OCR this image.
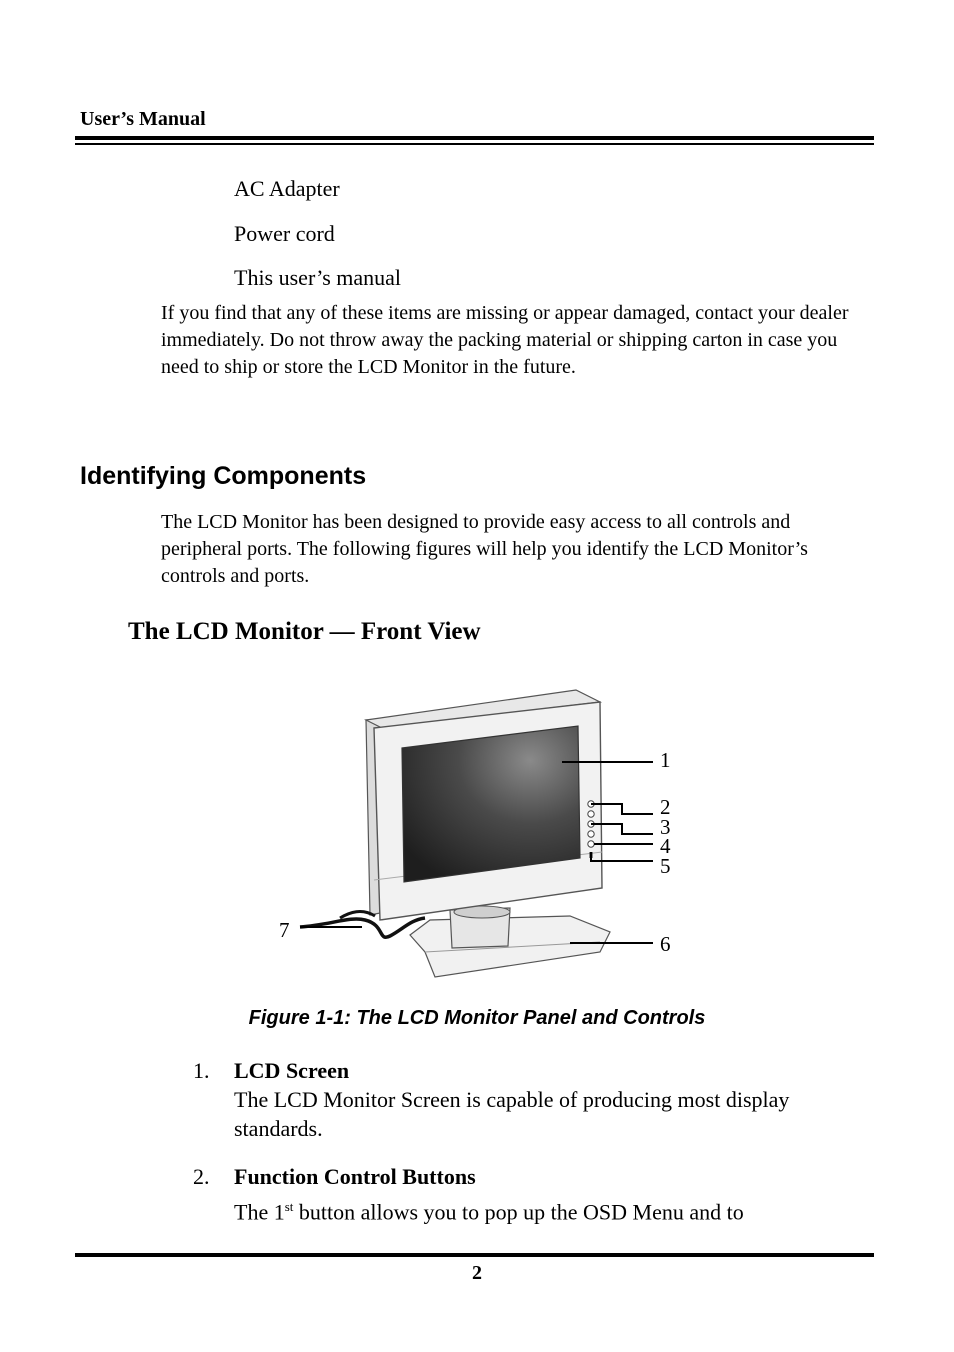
User’s Manual
AC Adapter
Power cord
This user’s manual
If you find that any of these items are missing or appear damaged, contact your dealer immediately. Do not throw away the packing material or shipping carton in case you need to ship or store the LCD Monitor in the future.
Identifying Components
The LCD Monitor has been designed to provide easy access to all controls and peripheral ports. The following figures will help you identify the LCD Monitor’s controls and ports.
The LCD Monitor — Front View
1
2
3
4
5
6
7
Figure 1-1: The LCD Monitor Panel and Controls
1. LCD Screen
The LCD Monitor Screen is capable of producing most display standards.
2. Function Control Buttons
The 1st button allows you to pop up the OSD Menu and to
2
